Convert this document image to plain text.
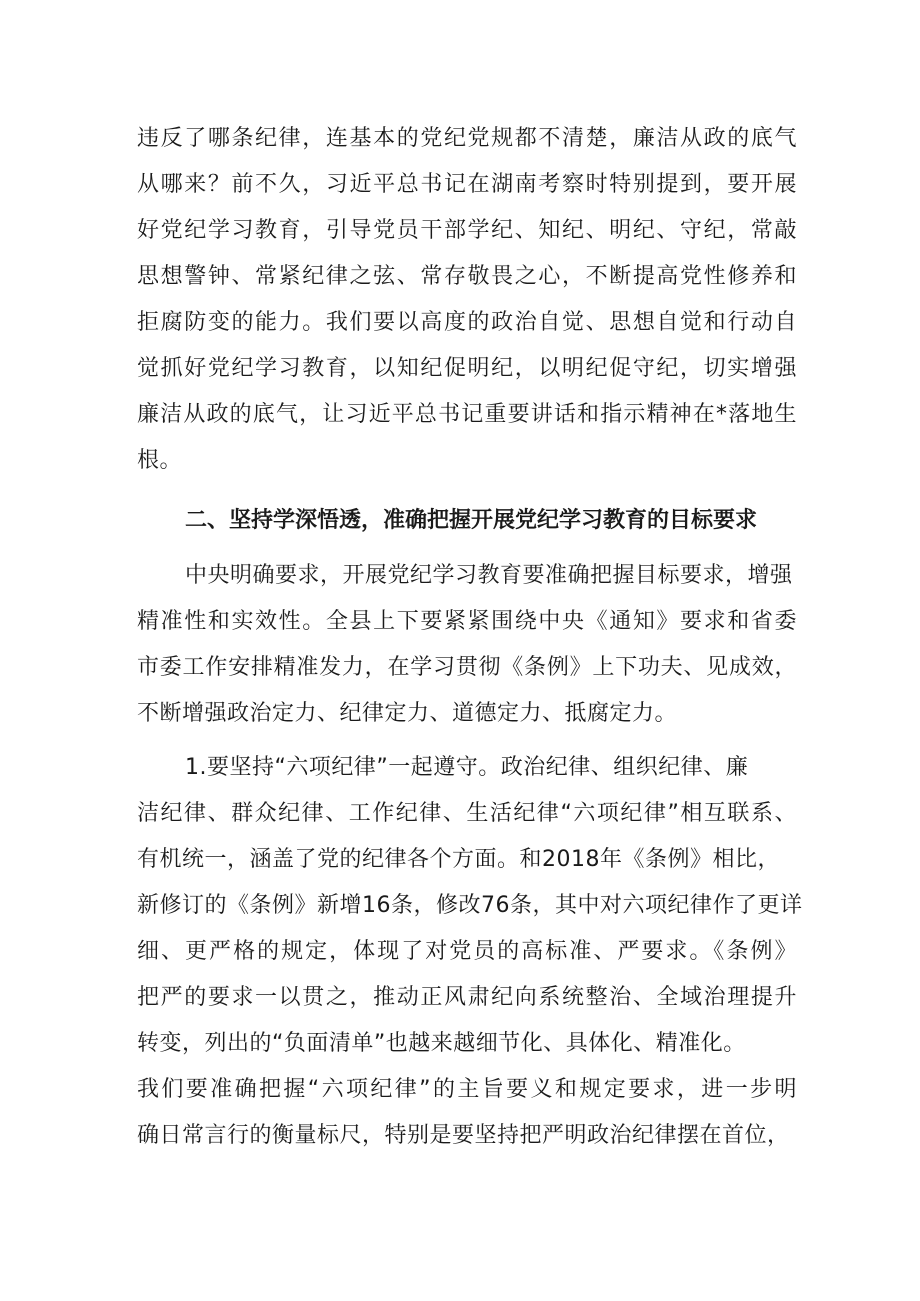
违反了哪条纪律，连基本的党纪党规都不清楚，廉洁从政的底气
从哪来？前不久，习近平总书记在湖南考察时特别提到，要开展
好党纪学习教育，引导党员干部学纪、知纪、明纪、守纪，常敲
思想警钟、常紧纪律之弦、常存敬畏之心，不断提高党性修养和
拒腐防变的能力。我们要以高度的政治自觉、思想自觉和行动自
觉抓好党纪学习教育，以知纪促明纪，以明纪促守纪，切实增强
廉洁从政的底气，让习近平总书记重要讲话和指示精神在*落地生
根。
二、坚持学深悟透，准确把握开展党纪学习教育的目标要求
中央明确要求，开展党纪学习教育要准确把握目标要求，增强
精准性和实效性。全县上下要紧紧围绕中央《通知》要求和省委
市委工作安排精准发力，在学习贯彻《条例》上下功夫、见成效，
不断增强政治定力、纪律定力、道德定力、抵腐定力。
1.要坚持“六项纪律”一起遵守。政治纪律、组织纪律、廉
洁纪律、群众纪律、工作纪律、生活纪律“六项纪律”相互联系、
有机统一，涵盖了党的纪律各个方面。和2018年《条例》相比，
新修订的《条例》新增16条，修改76条，其中对六项纪律作了更详
细、更严格的规定，体现了对党员的高标准、严要求。《条例》
把严的要求一以贯之，推动正风肃纪向系统整治、全域治理提升
转变，列出的“负面清单”也越来越细节化、具体化、精准化。
我们要准确把握“六项纪律”的主旨要义和规定要求，进一步明
确日常言行的衡量标尺，特别是要坚持把严明政治纪律摆在首位，
